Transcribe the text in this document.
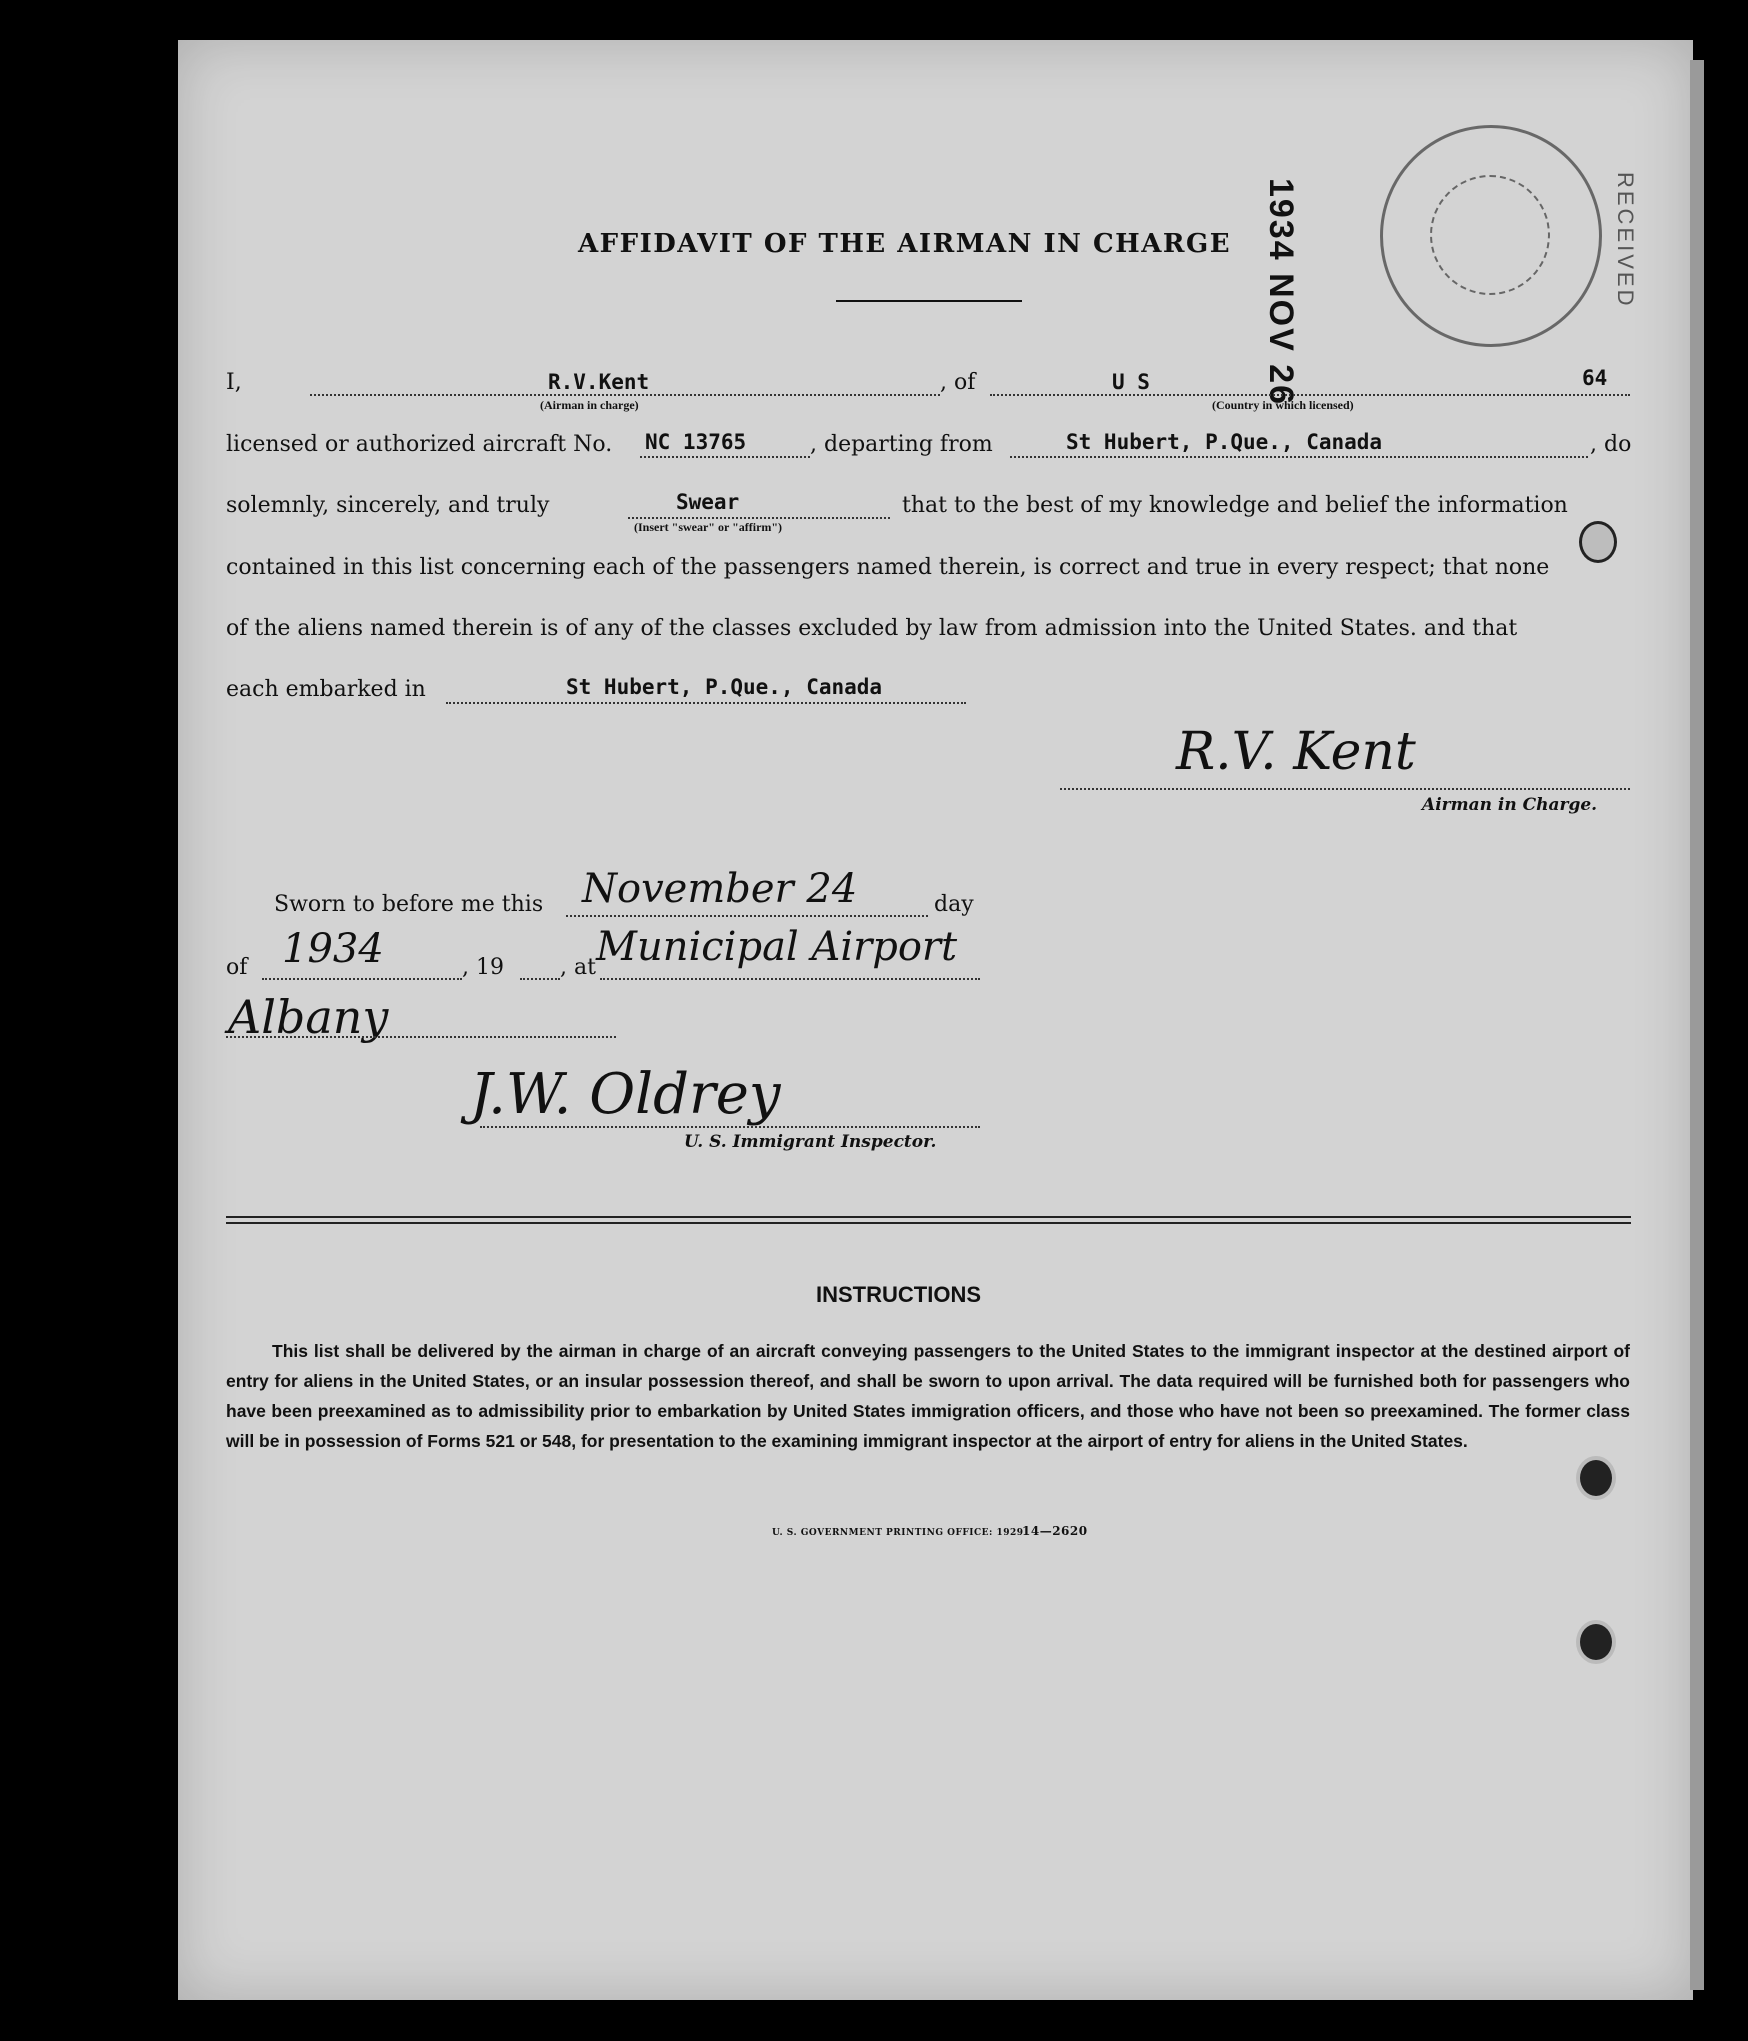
1934 NOV 26	RECEIVED
AFFIDAVIT OF THE AIRMAN IN CHARGE
I,	R.V.Kent
(Airman in charge)
, of	U S
(Country in which licensed)
64
licensed or authorized aircraft No. NC 13765	, departing from	St Hubert, P.Que., Canada	, do
solemnly, sincerely, and truly	Swear
(Insert "swear" or "affirm")
that to the best of my knowledge and belief the information
contained in this list concerning each of the passengers named therein, is correct and true in every respect; that none
of the aliens named therein is of any of the classes excluded by law from admission into the United States. and that
each embarked in	St Hubert, P.Que., Canada
R.V. Kent
Airman in Charge.
Sworn to before me this November 24	day
of 1934	, 19	, at Municipal Airport
Albany
J.W. Oldrey
U. S. Immigrant Inspector.
INSTRUCTIONS
This list shall be delivered by the airman in charge of an aircraft conveying passengers to the United States to the immigrant inspector at the destined airport of entry for aliens in the United States, or an insular possession thereof, and shall be sworn to upon arrival. The data required will be furnished both for passengers who have been preexamined as to admissibility prior to embarkation by United States immigration officers, and those who have not been so preexamined. The former class will be in possession of Forms 521 or 548, for presentation to the examining immigrant inspector at the airport of entry for aliens in the United States.
U. S. GOVERNMENT PRINTING OFFICE: 1929
14—2620
